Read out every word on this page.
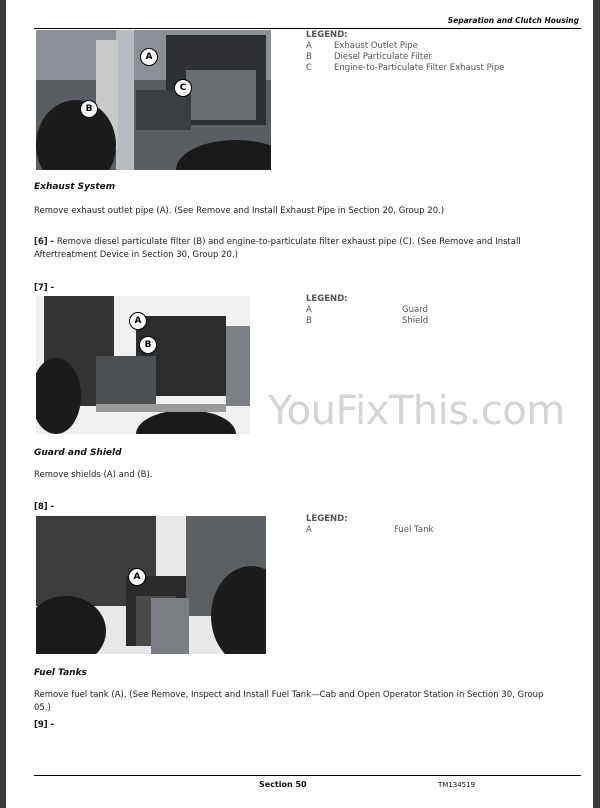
Separation and Clutch Housing
A
C
B
LEGEND:
A	Exhaust Outlet Pipe
B	Diesel Particulate Filter
C	Engine-to-Particulate Filter Exhaust Pipe
Exhaust System
Remove exhaust outlet pipe (A). (See Remove and Install Exhaust Pipe in Section 20, Group 20.)
[6] - Remove diesel particulate filter (B) and engine-to-particulate filter exhaust pipe (C). (See Remove and Install Aftertreatment Device in Section 30, Group 20.)
[7] -
A
B
LEGEND:
A	Guard
B	Shield
YouFixThis.com
Guard and Shield
Remove shields (A) and (B).
[8] -
A
LEGEND:
A	Fuel Tank
Fuel Tanks
Remove fuel tank (A). (See Remove, Inspect and Install Fuel Tank—Cab and Open Operator Station in Section 30, Group 05.)
[9] -
Section 50	TM134519
